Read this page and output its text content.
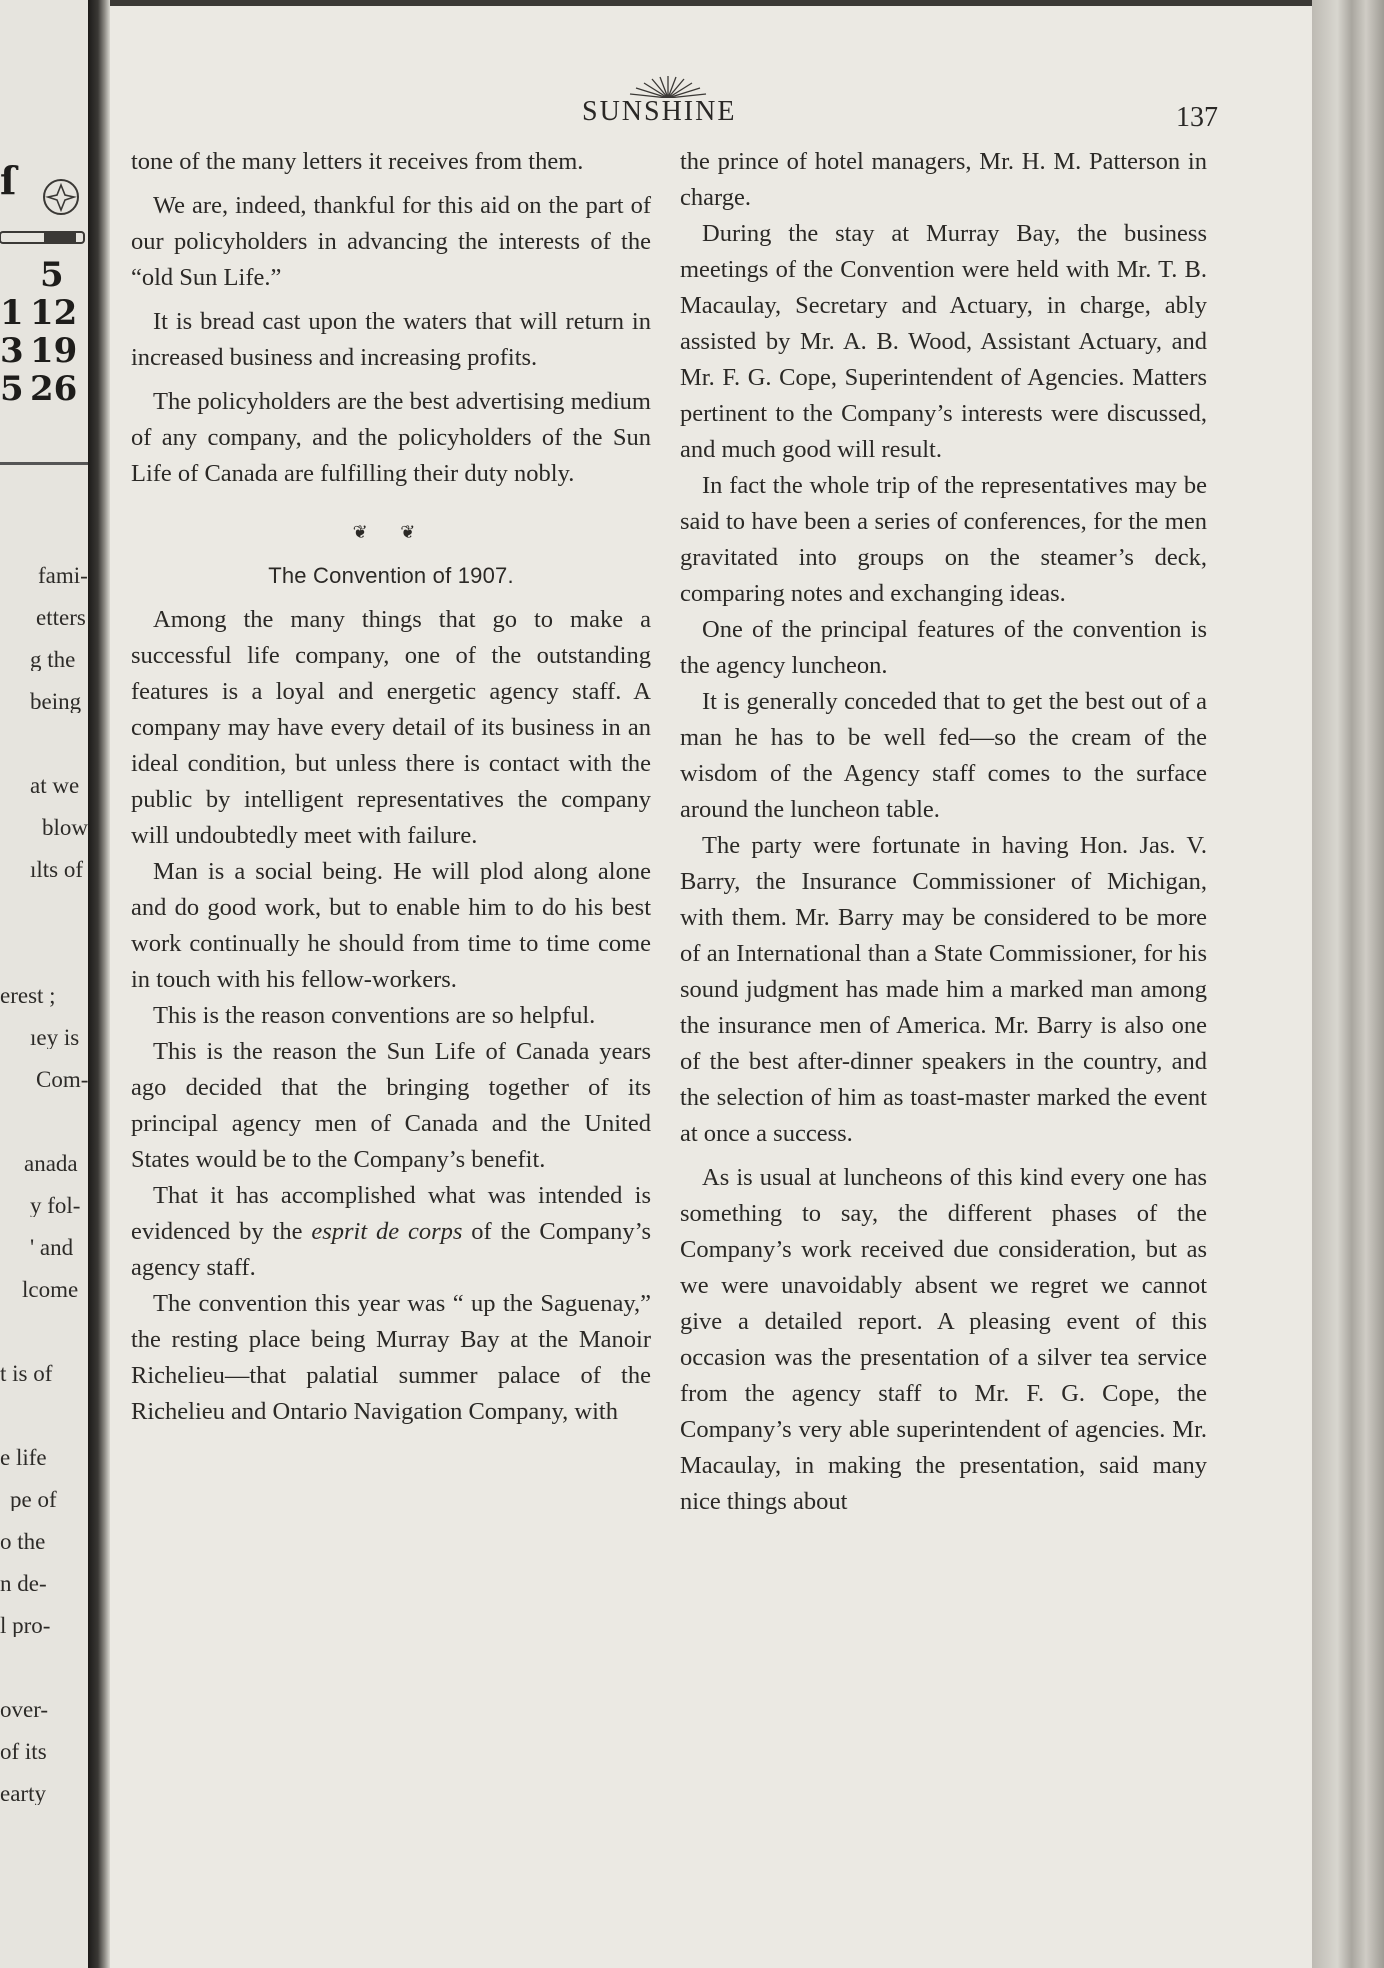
ſ
5
12
19
26
1
3
5
fami-
etters
g the
being
at we
blow
ılts of
erest ;
ıey is
Com-
anada
y fol-
' and
lcome
t is of
e life
pe of
o the
n de-
l pro-
over-
of its
earty
SUNSHINE	137

tone of the many letters it receives from them.

We are, indeed, thankful for this aid on the part of our policyholders in advancing the interests of the “old Sun Life.”

It is bread cast upon the waters that will return in increased business and increasing profits.

The policyholders are the best advertising medium of any company, and the policyholders of the Sun Life of Canada are fulfilling their duty nobly.

❦ ❦

The Convention of 1907.

Among the many things that go to make a successful life company, one of the outstanding features is a loyal and energetic agency staff. A company may have every detail of its business in an ideal condition, but unless there is contact with the public by intelligent representatives the company will undoubtedly meet with failure.

Man is a social being. He will plod along alone and do good work, but to enable him to do his best work continually he should from time to time come in touch with his fellow-workers.

This is the reason conventions are so helpful.

This is the reason the Sun Life of Canada years ago decided that the bringing together of its principal agency men of Canada and the United States would be to the Company’s benefit.

That it has accomplished what was intended is evidenced by the esprit de corps of the Company’s agency staff.

The convention this year was “ up the Saguenay,” the resting place being Murray Bay at the Manoir Richelieu—that palatial summer palace of the Richelieu and Ontario Navigation Company, with

the prince of hotel managers, Mr. H. M. Patterson in charge.

During the stay at Murray Bay, the business meetings of the Convention were held with Mr. T. B. Macaulay, Secretary and Actuary, in charge, ably assisted by Mr. A. B. Wood, Assistant Actuary, and Mr. F. G. Cope, Superintendent of Agencies. Matters pertinent to the Company’s interests were discussed, and much good will result.

In fact the whole trip of the representatives may be said to have been a series of conferences, for the men gravitated into groups on the steamer’s deck, comparing notes and exchanging ideas.

One of the principal features of the convention is the agency luncheon.

It is generally conceded that to get the best out of a man he has to be well fed—so the cream of the wisdom of the Agency staff comes to the surface around the luncheon table.

The party were fortunate in having Hon. Jas. V. Barry, the Insurance Commissioner of Michigan, with them. Mr. Barry may be considered to be more of an International than a State Commissioner, for his sound judgment has made him a marked man among the insurance men of America. Mr. Barry is also one of the best after-dinner speakers in the country, and the selection of him as toast-master marked the event at once a success.

As is usual at luncheons of this kind every one has something to say, the different phases of the Company’s work received due consideration, but as we were unavoidably absent we regret we cannot give a detailed report. A pleasing event of this occasion was the presentation of a silver tea service from the agency staff to Mr. F. G. Cope, the Company’s very able superintendent of agencies. Mr. Macaulay, in making the presentation, said many nice things about
